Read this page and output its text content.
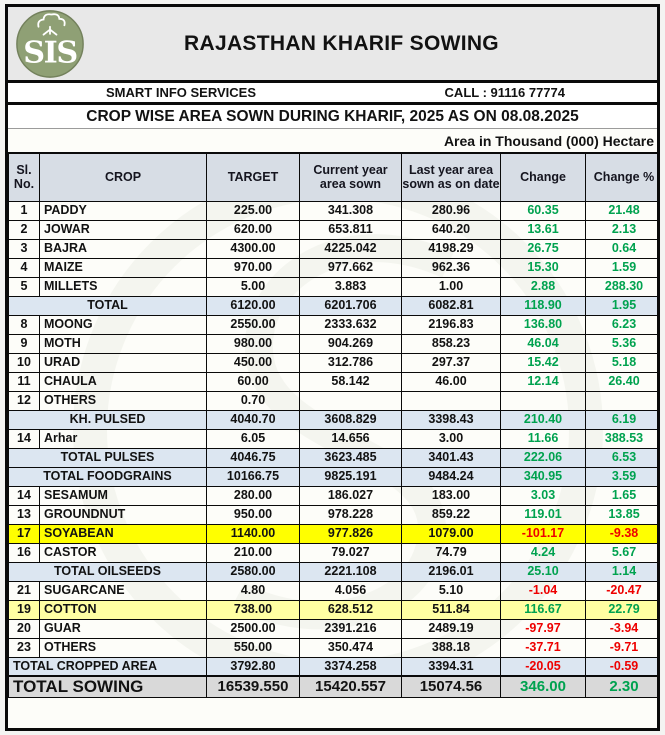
SIS	RAJASTHAN KHARIF SOWING
SMART INFO SERVICES	CALL : 91116 77774
CROP WISE AREA SOWN DURING KHARIF, 2025 AS ON 08.08.2025
Area in Thousand (000) Hectare
Sl. No.	CROP	TARGET	Current year area sown	Last year area sown as on date	Change	Change %
1	PADDY	225.00	341.308	280.96	60.35	21.48
2	JOWAR	620.00	653.811	640.20	13.61	2.13
3	BAJRA	4300.00	4225.042	4198.29	26.75	0.64
4	MAIZE	970.00	977.662	962.36	15.30	1.59
5	MILLETS	5.00	3.883	1.00	2.88	288.30
TOTAL		6120.00	6201.706	6082.81	118.90	1.95
8	MOONG	2550.00	2333.632	2196.83	136.80	6.23
9	MOTH	980.00	904.269	858.23	46.04	5.36
10	URAD	450.00	312.786	297.37	15.42	5.18
11	CHAULA	60.00	58.142	46.00	12.14	26.40
12	OTHERS	0.70				
KH. PULSED		4040.70	3608.829	3398.43	210.40	6.19
14	Arhar	6.05	14.656	3.00	11.66	388.53
TOTAL PULSES		4046.75	3623.485	3401.43	222.06	6.53
TOTAL FOODGRAINS		10166.75	9825.191	9484.24	340.95	3.59
14	SESAMUM	280.00	186.027	183.00	3.03	1.65
13	GROUNDNUT	950.00	978.228	859.22	119.01	13.85
17	SOYABEAN	1140.00	977.826	1079.00	-101.17	-9.38
16	CASTOR	210.00	79.027	74.79	4.24	5.67
TOTAL OILSEEDS		2580.00	2221.108	2196.01	25.10	1.14
21	SUGARCANE	4.80	4.056	5.10	-1.04	-20.47
19	COTTON	738.00	628.512	511.84	116.67	22.79
20	GUAR	2500.00	2391.216	2489.19	-97.97	-3.94
23	OTHERS	550.00	350.474	388.18	-37.71	-9.71
TOTAL CROPPED AREA		3792.80	3374.258	3394.31	-20.05	-0.59
TOTAL SOWING		16539.550	15420.557	15074.56	346.00	2.30
